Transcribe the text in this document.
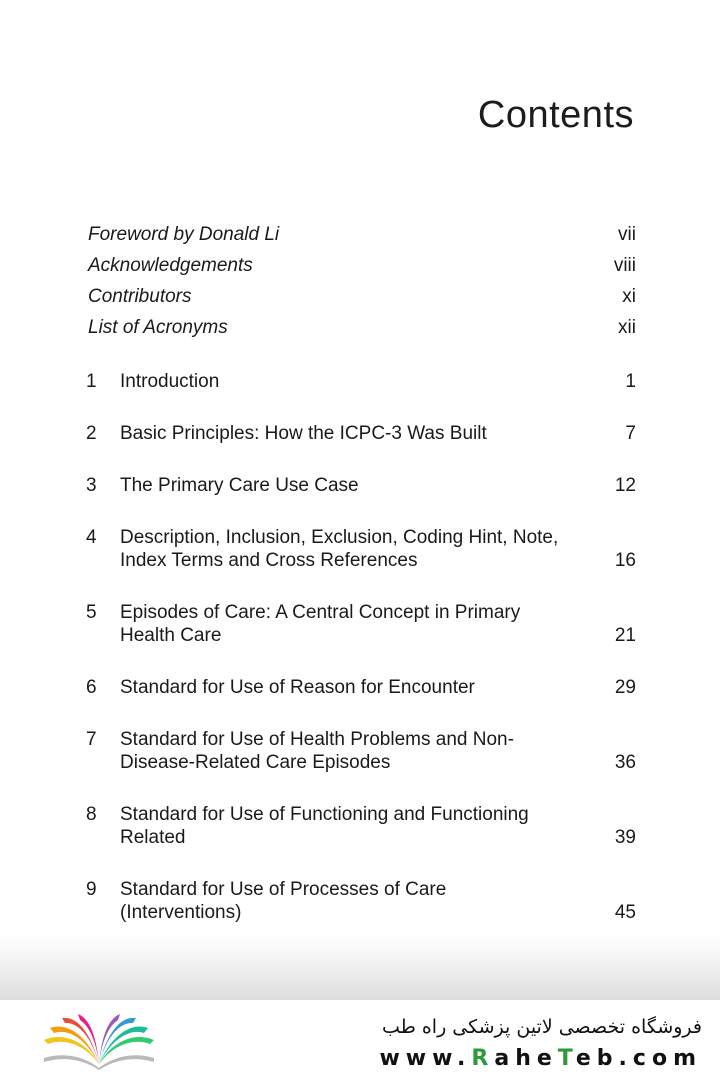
Contents
Foreword by Donald Li	vii
Acknowledgements	viii
Contributors	xi
List of Acronyms	xii
1 Introduction	1
2 Basic Principles: How the ICPC-3 Was Built	7
3 The Primary Care Use Case	12
4 Description, Inclusion, Exclusion, Coding Hint, Note, Index Terms and Cross References	16
5 Episodes of Care: A Central Concept in Primary Health Care	21
6 Standard for Use of Reason for Encounter	29
7 Standard for Use of Health Problems and Non-Disease-Related Care Episodes	36
8 Standard for Use of Functioning and Functioning Related	39
9 Standard for Use of Processes of Care (Interventions)	45
فروشگاه تخصصی لاتین پزشکی راه طب
www.RaheTeb.com
